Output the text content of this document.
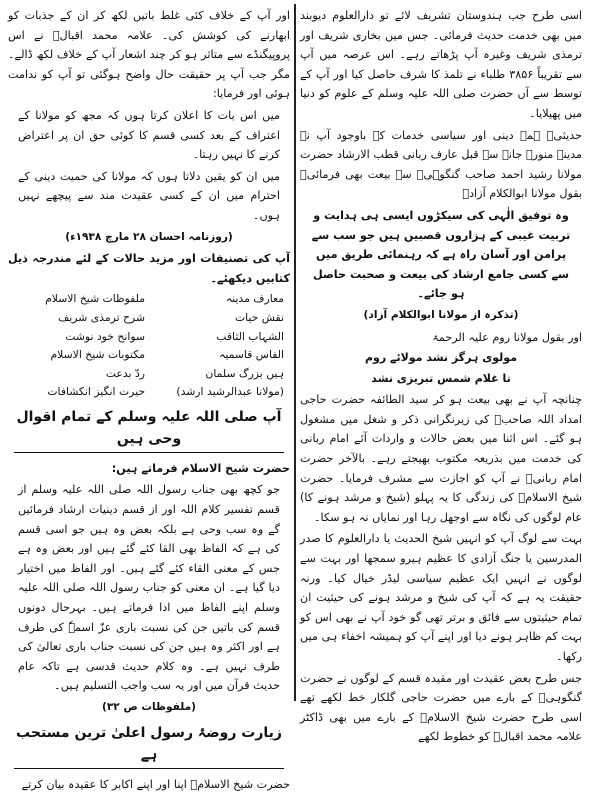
اسی طرح جب ہندوستان تشریف لائے تو دارالعلوم دیوبند میں بھی خدمت حدیث فرمائی۔ جس میں بخاری شریف اور ترمذی شریف وغیرہ آپ پڑھاتے رہے۔ اس عرصہ میں آپ سے تقریباً ۳۸۵۶ طلباء نے تلمذ کا شرف حاصل کیا اور آپ کے توسط سے آں حضرت صلی اللہ علیہ وسلم کے علوم کو دنیا میں پھیلایا۔

حدیثی۔ ہمہ دینی اور سیاسی خدمات کے باوجود آپ نے مدینہ منورہ جانے سے قبل عارف ربانی قطب الارشاد حضرت مولانا رشید احمد صاحب گنگوہیؒ سے بیعت بھی فرمائی۔ بقول مولانا ابوالکلام آزادؒ

وہ توفیق الٰہی کی سیکڑوں ایسی ہی ہدایت و تربیت غیبی کے ہزاروں قصبیں ہیں جو سب سے پرامن اور آسان راہ ہے کہ رہنمائی طریق میں سے کسی جامع ارشاد کی بیعت و صحبت حاصل ہو جائے۔

(تذکرہ از مولانا ابوالکلام آزاد)

اور بقول مولانا روم علیہ الرحمۃ

مولوی ہرگز نشد مولائے روم

تا غلام شمس تبریزی نشد

چنانچہ آپ نے بھی بیعت ہو کر سید الطائفہ حضرت حاجی امداد اللہ صاحبؒ کی زیرنگرانی ذکر و شغل میں مشغول ہو گئے۔ اس اثنا میں بعض حالات و واردات آئے امام ربانی کی خدمت میں بذریعہ مکتوب بھیجتے رہے۔ بالآخر حضرت امام ربانیؒ نے آپ کو اجازت سے مشرف فرمایا۔ حضرت شیخ الاسلامؒ کی زندگی کا یہ پہلو (شیخ و مرشد ہونے کا) عام لوگوں کی نگاہ سے اوجھل رہا اور نمایاں نہ ہو سکا۔

بہت سے لوگ آپ کو انہیں شیخ الحدیث یا دارالعلوم کا صدر المدرسین یا جنگ آزادی کا عظیم ہیرو سمجھا اور بہت سے لوگوں نے انہیں ایک عظیم سیاسی لیڈر خیال کیا۔ ورنہ حقیقت یہ ہے کہ آپ کی شیخ و مرشد ہونے کی حیثیت ان تمام حیثیتوں سے فائق و برتر تھی گو خود آپ نے بھی اس کو بہت کم ظاہر ہونے دیا اور اپنے آپ کو ہمیشہ اخفاء ہی میں رکھا۔

جس طرح بعض عقیدت اور مقیدہ قسم کے لوگوں نے حضرت گنگوہیؒ کے بارے میں حضرت حاجی گلکار خط لکھے تھے اسی طرح حضرت شیخ الاسلامؒ کے بارے میں بھی ڈاکٹر علامہ محمد اقبالؒ کو خطوط لکھے

اور آپ کے خلاف کئی غلط باتیں لکھ کر ان کے جذبات کو ابھارنے کی کوشش کی۔ علامہ محمد اقبالؒ نے اس پروپیگنڈے سے متاثر ہو کر چند اشعار آپ کے خلاف لکھ ڈالے۔ مگر جب آپ پر حقیقت حال واضح ہوگئی تو آپ کو ندامت ہوئی اور فرمایا:

میں اس بات کا اعلان کرتا ہوں کہ مجھ کو مولانا کے اعتراف کے بعد کسی قسم کا کوئی حق ان پر اعتراض کرنے کا نہیں رہتا۔

میں ان کو یقین دلاتا ہوں کہ مولانا کی حمیت دینی کے احترام میں ان کے کسی عقیدت مند سے پیچھے نہیں ہوں۔

(روزنامہ احسان ۲۸ مارچ ۱۹۳۸ء)

آپ کی تصنیفات اور مزید حالات کے لئے مندرجہ ذیل کتابیں دیکھئے۔

معارف مدینہ
ملفوظات شیخ الاسلام
نقش حیات
شرح ترمذی شریف
الشہاب الثاقب
سوانح خود نوشت
الفاس قاسمیہ
مکتوبات شیخ الاسلام
ہیں بزرگ سلمان
ردّ بدعت
(مولانا عبدالرشید ارشد)
حیرت انگیز انکشافات
آپ صلی اللہ علیہ وسلم کے تمام اقوال وحی ہیں

حضرت شیخ الاسلام فرماتے ہیں:

جو کچھ بھی جناب رسول اللہ صلی اللہ علیہ وسلم از قسم تفسیر کلام اللہ اور از قسم دینیات ارشاد فرمائیں گے وہ سب وحی ہے بلکہ بعض وہ ہیں جو اسی قسم کی ہے کہ الفاظ بھی القا کئے گئے ہیں اور بعض وہ ہے جس کے معنی القاء کئے گئے ہیں۔ اور الفاظ میں اختیار دیا گیا ہے۔ ان معنی کو جناب رسول اللہ صلی اللہ علیہ وسلم اپنے الفاظ میں ادا فرماتے ہیں۔ بہرحال دونوں قسم کی باتیں جن کی نسبت باری عزّ اسمہٗ کی طرف ہے اور اکثر وہ ہیں جن کی نسبت جناب باری تعالیٰ کی طرف نہیں ہے۔ وہ کلام حدیث قدسی ہے تاکہ عام حدیث قرآن میں اور یہ سب واجب التسلیم ہیں۔

(ملفوظات ص ۳۲)

زیارت روضۂ رسول اعلیٰ ترین مستحب ہے

حضرت شیخ الاسلامؒ اپنا اور اپنے اکابر کا عقیدہ بیان کرتے
